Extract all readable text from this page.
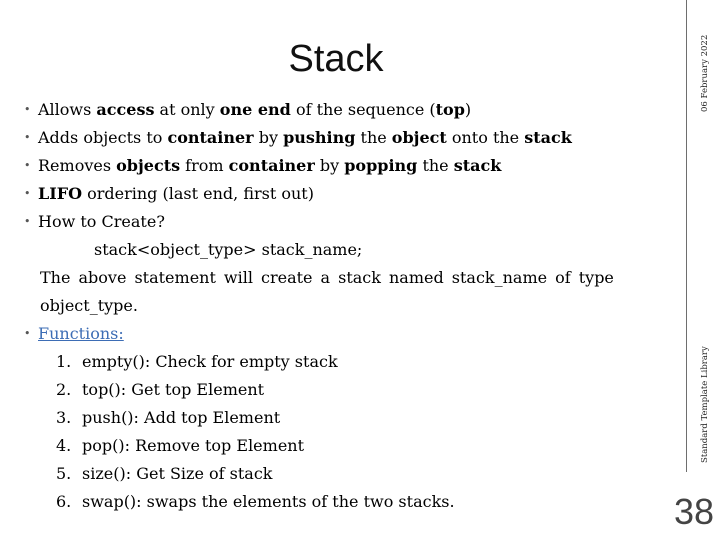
Stack	06 February 2022
Standard Template Library
38
• Allows access at only one end of the sequence (top)
• Adds objects to container by pushing the object onto the stack
• Removes objects from container by popping the stack
• LIFO ordering (last end, first out)
• How to Create?
stack<object_type> stack_name;
The above statement will create a stack named stack_name of type
object_type.
• Functions:
1. empty(): Check for empty stack
2. top(): Get top Element
3. push(): Add top Element
4. pop(): Remove top Element
5. size(): Get Size of stack
6. swap(): swaps the elements of the two stacks.
